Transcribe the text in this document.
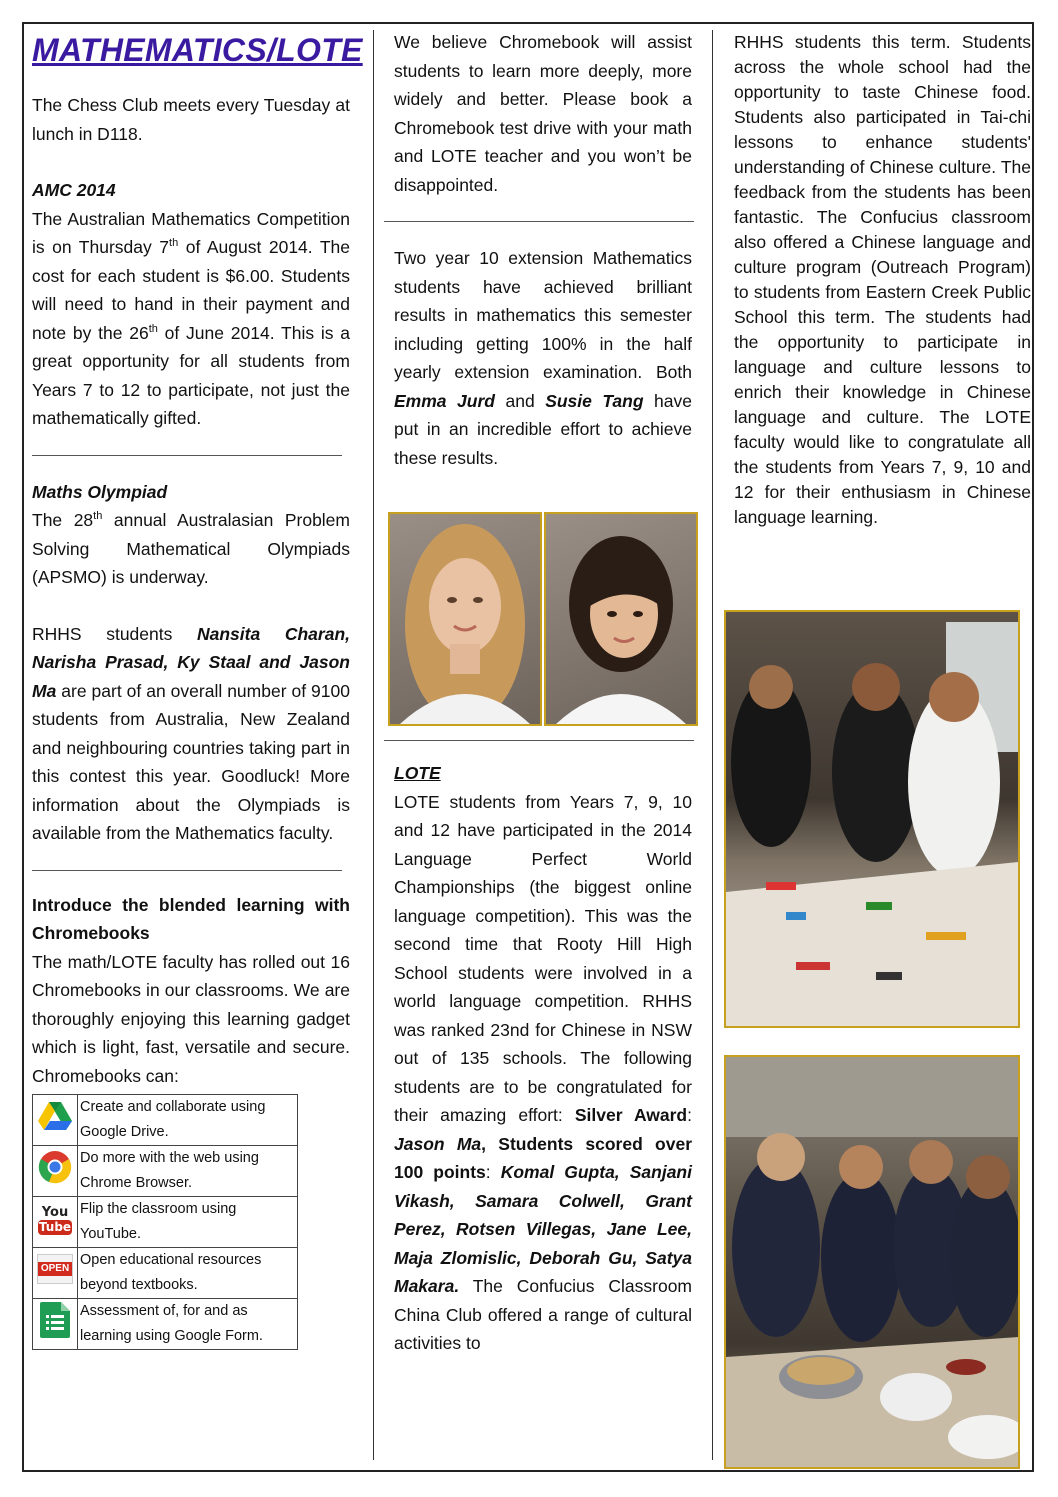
MATHEMATICS/LOTE

The Chess Club meets every Tuesday at lunch in D118.

AMC 2014

The Australian Mathematics Competition is on Thursday 7th of August 2014. The cost for each student is $6.00. Students will need to hand in their payment and note by the 26th of June 2014. This is a great opportunity for all students from Years 7 to 12 to participate, not just the mathematically gifted.

Maths Olympiad

The 28th annual Australasian Problem Solving Mathematical Olympiads (APSMO) is underway.

RHHS students Nansita Charan, Narisha Prasad, Ky Staal and Jason Ma are part of an overall number of 9100 students from Australia, New Zealand and neighbouring countries taking part in this contest this year. Goodluck! More information about the Olympiads is available from the Mathematics faculty.

Introduce the blended learning with Chromebooks

The math/LOTE faculty has rolled out 16 Chromebooks in our classrooms. We are thoroughly enjoying this learning gadget which is light, fast, versatile and secure. Chromebooks can:

	Create and collaborate using Google Drive.
	Do more with the web using Chrome Browser.

You
Tube	Flip the classroom using YouTube.

OPEN	Open educational resources beyond textbooks.
	Assessment of, for and as learning using Google Form.

We believe Chromebook will assist students to learn more deeply, more widely and better. Please book a Chromebook test drive with your math and LOTE teacher and you won’t be disappointed.

Two year 10 extension Mathematics students have achieved brilliant results in mathematics this semester including getting 100% in the half yearly extension examination. Both Emma Jurd and Susie Tang have put in an incredible effort to achieve these results.

LOTE

LOTE students from Years 7, 9, 10 and 12 have participated in the 2014 Language Perfect World Championships (the biggest online language competition). This was the second time that Rooty Hill High School students were involved in a world language competition. RHHS was ranked 23nd for Chinese in NSW out of 135 schools. The following students are to be congratulated for their amazing effort: Silver Award: Jason Ma, Students scored over 100 points: Komal Gupta, Sanjani Vikash, Samara Colwell, Grant Perez, Rotsen Villegas, Jane Lee, Maja Zlomislic, Deborah Gu, Satya Makara. The Confucius Classroom China Club offered a range of cultural activities to

RHHS students this term. Students across the whole school had the opportunity to taste Chinese food. Students also participated in Tai-chi lessons to enhance students' understanding of Chinese culture. The feedback from the students has been fantastic. The Confucius classroom also offered a Chinese language and culture program (Outreach Program) to students from Eastern Creek Public School this term. The students had the opportunity to participate in language and culture lessons to enrich their knowledge in Chinese language and culture. The LOTE faculty would like to congratulate all the students from Years 7, 9, 10 and 12 for their enthusiasm in Chinese language learning.
